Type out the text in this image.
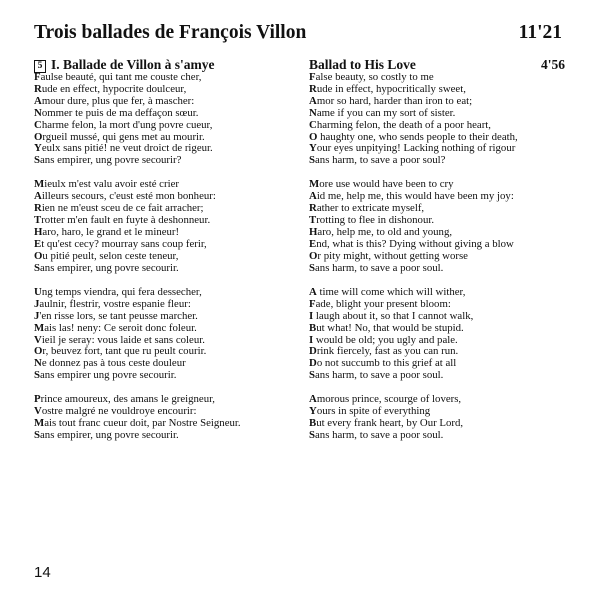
Trois ballades de François Villon	11'21
5 I. Ballade de Villon à s'amye
Faulse beauté, qui tant me couste cher,
Rude en effect, hypocrite doulceur,
Amour dure, plus que fer, à mascher:
Nommer te puis de ma deffaçon sœur.
Charme felon, la mort d'ung povre cueur,
Orgueil mussé, qui gens met au mourir.
Yeulx sans pitié! ne veut droict de rigeur.
Sans empirer, ung povre secourir?
Mieulx m'est valu avoir esté crier
Ailleurs secours, c'eust esté mon bonheur:
Rien ne m'eust sceu de ce fait arracher;
Trotter m'en fault en fuyte à deshonneur.
Haro, haro, le grand et le mineur!
Et qu'est cecy? mourray sans coup ferir,
Ou pitié peult, selon ceste teneur,
Sans empirer, ung povre secourir.
Ung temps viendra, qui fera dessecher,
Jaulnir, flestrir, vostre espanie fleur:
J'en risse lors, se tant peusse marcher.
Mais las! neny: Ce seroit donc foleur.
Vieil je seray: vous laide et sans coleur.
Or, beuvez fort, tant que ru peult courir.
Ne donnez pas à tous ceste douleur
Sans empirer ung povre secourir.
Prince amoureux, des amans le greigneur,
Vostre malgré ne vouldroye encourir:
Mais tout franc cueur doit, par Nostre Seigneur.
Sans empirer, ung povre secourir.
Ballad to His Love	4'56
False beauty, so costly to me
Rude in effect, hypocritically sweet,
Amor so hard, harder than iron to eat;
Name if you can my sort of sister.
Charming felon, the death of a poor heart,
O haughty one, who sends people to their death,
Your eyes unpitying! Lacking nothing of rigour
Sans harm, to save a poor soul?
More use would have been to cry
Aid me, help me, this would have been my joy:
Rather to extricate myself,
Trotting to flee in dishonour.
Haro, help me, to old and young,
End, what is this? Dying without giving a blow
Or pity might, without getting worse
Sans harm, to save a poor soul.
A time will come which will wither,
Fade, blight your present bloom:
I laugh about it, so that I cannot walk,
But what! No, that would be stupid.
I would be old; you ugly and pale.
Drink fiercely, fast as you can run.
Do not succumb to this grief at all
Sans harm, to save a poor soul.
Amorous prince, scourge of lovers,
Yours in spite of everything
But every frank heart, by Our Lord,
Sans harm, to save a poor soul.
14
